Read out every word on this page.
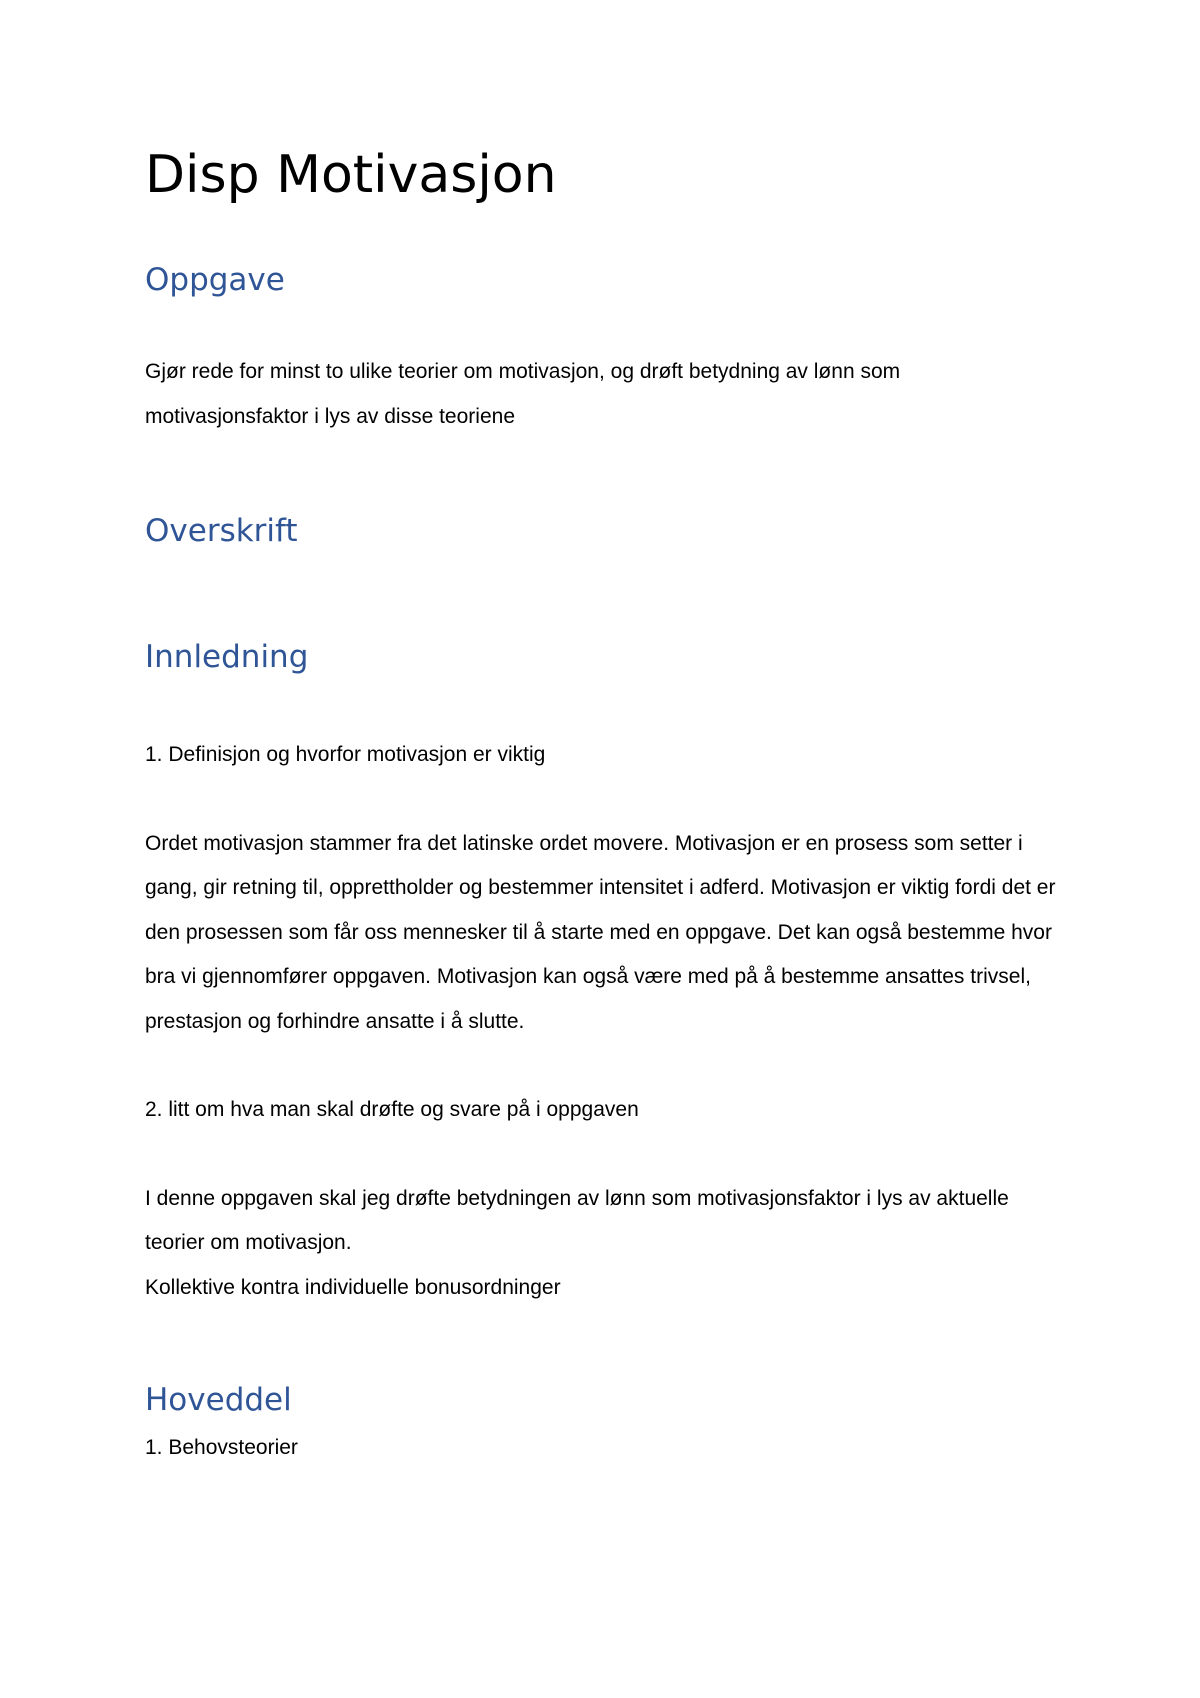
Disp Motivasjon
Oppgave

Gjør rede for minst to ulike teorier om motivasjon, og drøft betydning av lønn som motivasjonsfaktor i lys av disse teoriene

Overskrift
Innledning

1. Definisjon og hvorfor motivasjon er viktig

Ordet motivasjon stammer fra det latinske ordet movere. Motivasjon er en prosess som setter i gang, gir retning til, opprettholder og bestemmer intensitet i adferd. Motivasjon er viktig fordi det er den prosessen som får oss mennesker til å starte med en oppgave. Det kan også bestemme hvor bra vi gjennomfører oppgaven. Motivasjon kan også være med på å bestemme ansattes trivsel, prestasjon og forhindre ansatte i å slutte.

2. litt om hva man skal drøfte og svare på i oppgaven

I denne oppgaven skal jeg drøfte betydningen av lønn som motivasjonsfaktor i lys av aktuelle teorier om motivasjon.

Kollektive kontra individuelle bonusordninger
Hoveddel

1. Behovsteorier
